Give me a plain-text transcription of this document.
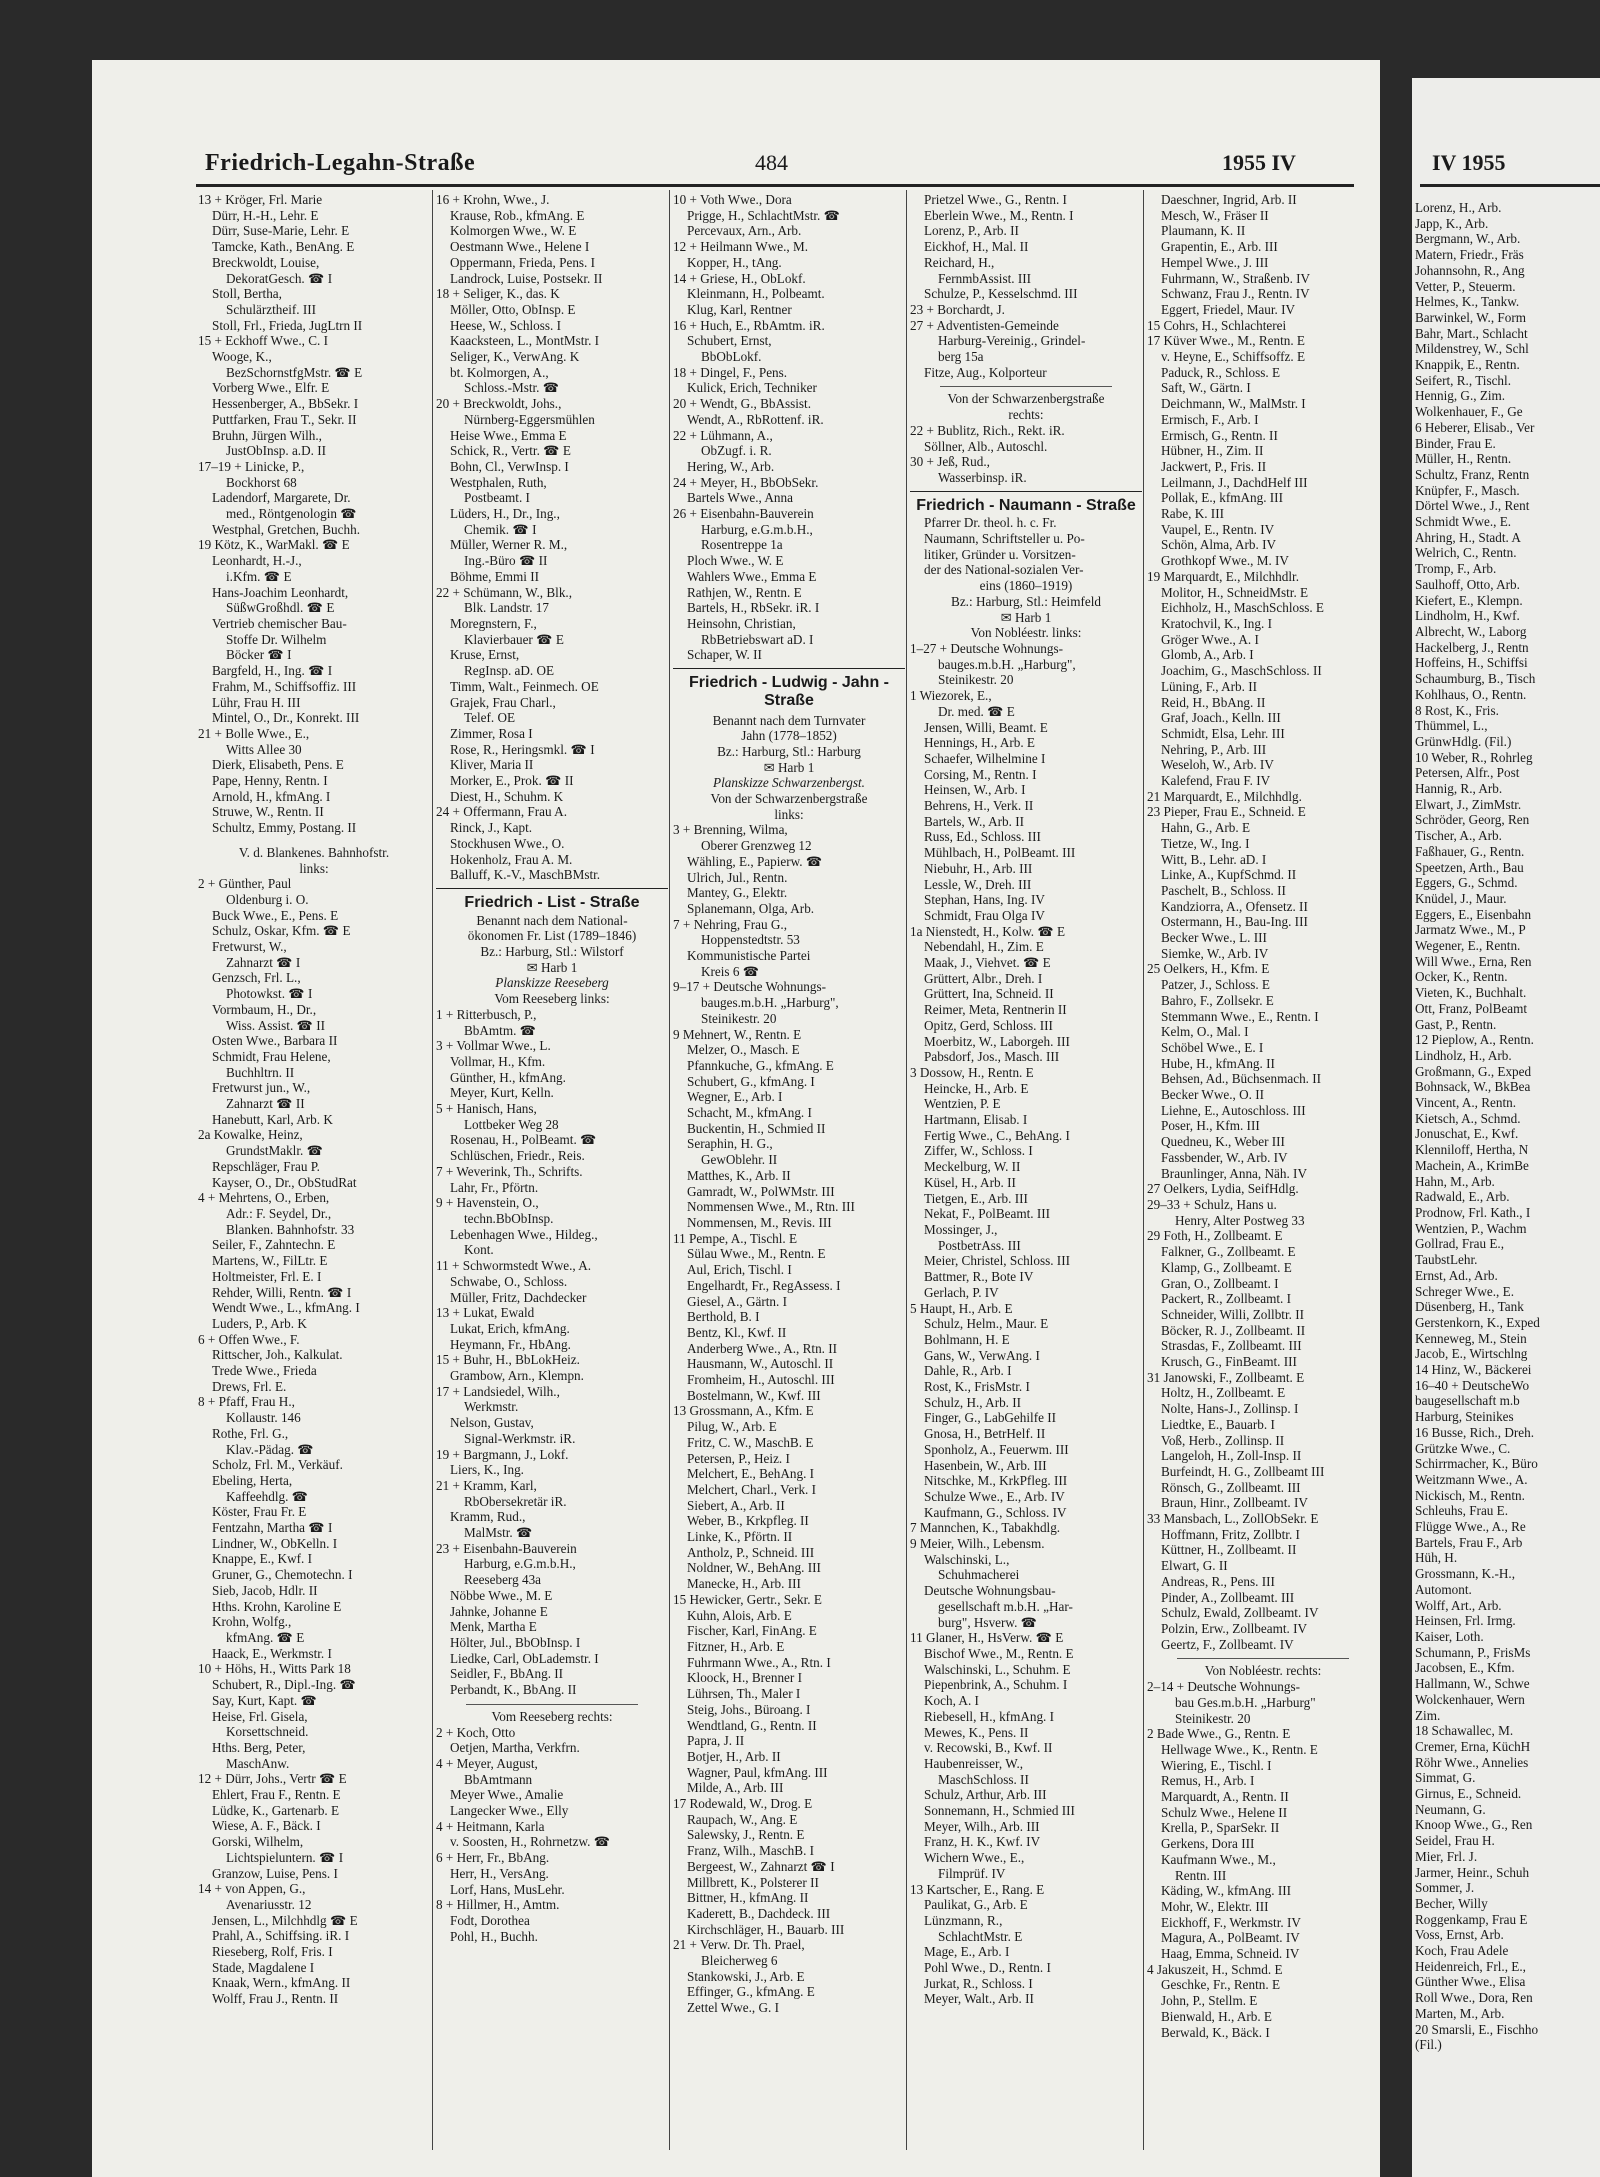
Friedrich-Legahn-Straße	484	1955 IV	IV 1955
13 + Kröger, Frl. Marie
Dürr, H.-H., Lehr. E
Dürr, Suse-Marie, Lehr. E
Tamcke, Kath., BenAng. E
Breckwoldt, Louise,
DekoratGesch. ☎ I
Stoll, Bertha,
Schulärztheif. III
Stoll, Frl., Frieda, JugLtrn II
15 + Eckhoff Wwe., C. I
Wooge, K.,
BezSchornstfgMstr. ☎ E
Vorberg Wwe., Elfr. E
Hessenberger, A., BbSekr. I
Puttfarken, Frau T., Sekr. II
Bruhn, Jürgen Wilh.,
JustObInsp. a.D. II
17–19 + Linicke, P.,
Bockhorst 68
Ladendorf, Margarete, Dr.
med., Röntgenologin ☎
Westphal, Gretchen, Buchh.
19 Kötz, K., WarMakl. ☎ E
Leonhardt, H.-J.,
i.Kfm. ☎ E
Hans-Joachim Leonhardt,
SüßwGroßhdl. ☎ E
Vertrieb chemischer Bau-
Stoffe Dr. Wilhelm
Böcker ☎ I
Bargfeld, H., Ing. ☎ I
Frahm, M., Schiffsoffiz. III
Lühr, Frau H. III
Mintel, O., Dr., Konrekt. III
21 + Bolle Wwe., E.,
Witts Allee 30
Dierk, Elisabeth, Pens. E
Pape, Henny, Rentn. I
Arnold, H., kfmAng. I
Struwe, W., Rentn. II
Schultz, Emmy, Postang. II
V. d. Blankenes. Bahnhofstr.
links:
2 + Günther, Paul
Oldenburg i. O.
Buck Wwe., E., Pens. E
Schulz, Oskar, Kfm. ☎ E
Fretwurst, W.,
Zahnarzt ☎ I
Genzsch, Frl. L.,
Photowkst. ☎ I
Vormbaum, H., Dr.,
Wiss. Assist. ☎ II
Osten Wwe., Barbara II
Schmidt, Frau Helene,
Buchhltrn. II
Fretwurst jun., W.,
Zahnarzt ☎ II
Hanebutt, Karl, Arb. K
2a Kowalke, Heinz,
GrundstMaklr. ☎
Repschläger, Frau P.
Kayser, O., Dr., ObStudRat
4 + Mehrtens, O., Erben,
Adr.: F. Seydel, Dr.,
Blanken. Bahnhofstr. 33
Seiler, F., Zahntechn. E
Martens, W., FilLtr. E
Holtmeister, Frl. E. I
Rehder, Willi, Rentn. ☎ I
Wendt Wwe., L., kfmAng. I
Luders, P., Arb. K
6 + Offen Wwe., F.
Rittscher, Joh., Kalkulat.
Trede Wwe., Frieda
Drews, Frl. E.
8 + Pfaff, Frau H.,
Kollaustr. 146
Rothe, Frl. G.,
Klav.-Pädag. ☎
Scholz, Frl. M., Verkäuf.
Ebeling, Herta,
Kaffeehdlg. ☎
Köster, Frau Fr. E
Fentzahn, Martha ☎ I
Lindner, W., ObKelln. I
Knappe, E., Kwf. I
Gruner, G., Chemotechn. I
Sieb, Jacob, Hdlr. II
Hths. Krohn, Karoline E
Krohn, Wolfg.,
kfmAng. ☎ E
Haack, E., Werkmstr. I
10 + Höhs, H., Witts Park 18
Schubert, R., Dipl.-Ing. ☎
Say, Kurt, Kapt. ☎
Heise, Frl. Gisela,
Korsettschneid.
Hths. Berg, Peter,
MaschAnw.
12 + Dürr, Johs., Vertr ☎ E
Ehlert, Frau F., Rentn. E
Lüdke, K., Gartenarb. E
Wiese, A. F., Bäck. I
Gorski, Wilhelm,
Lichtspieluntern. ☎ I
Granzow, Luise, Pens. I
14 + von Appen, G.,
Avenariusstr. 12
Jensen, L., Milchhdlg ☎ E
Prahl, A., Schiffsing. iR. I
Rieseberg, Rolf, Fris. I
Stade, Magdalene I
Knaak, Wern., kfmAng. II
Wolff, Frau J., Rentn. II
16 + Krohn, Wwe., J.
Krause, Rob., kfmAng. E
Kolmorgen Wwe., W. E
Oestmann Wwe., Helene I
Oppermann, Frieda, Pens. I
Landrock, Luise, Postsekr. II
18 + Seliger, K., das. K
Möller, Otto, ObInsp. E
Heese, W., Schloss. I
Kaacksteen, L., MontMstr. I
Seliger, K., VerwAng. K
bt. Kolmorgen, A.,
Schloss.-Mstr. ☎
20 + Breckwoldt, Johs.,
Nürnberg-Eggersmühlen
Heise Wwe., Emma E
Schick, R., Vertr. ☎ E
Bohn, Cl., VerwInsp. I
Westphalen, Ruth,
Postbeamt. I
Lüders, H., Dr., Ing.,
Chemik. ☎ I
Müller, Werner R. M.,
Ing.-Büro ☎ II
Böhme, Emmi II
22 + Schümann, W., Blk.,
Blk. Landstr. 17
Moregnstern, F.,
Klavierbauer ☎ E
Kruse, Ernst,
RegInsp. aD. OE
Timm, Walt., Feinmech. OE
Grajek, Frau Charl.,
Telef. OE
Zimmer, Rosa I
Rose, R., Heringsmkl. ☎ I
Kliver, Maria II
Morker, E., Prok. ☎ II
Diest, H., Schuhm. K
24 + Offermann, Frau A.
Rinck, J., Kapt.
Stockhusen Wwe., O.
Hokenholz, Frau A. M.
Balluff, K.-V., MaschBMstr.
Friedrich - List - Straße
Benannt nach dem National-
ökonomen Fr. List (1789–1846)
Bz.: Harburg, Stl.: Wilstorf
✉ Harb 1
Planskizze Reeseberg
Vom Reeseberg links:
1 + Ritterbusch, P.,
BbAmtm. ☎
3 + Vollmar Wwe., L.
Vollmar, H., Kfm.
Günther, H., kfmAng.
Meyer, Kurt, Kelln.
5 + Hanisch, Hans,
Lottbeker Weg 28
Rosenau, H., PolBeamt. ☎
Schlüschen, Friedr., Reis.
7 + Weverink, Th., Schrifts.
Lahr, Fr., Pförtn.
9 + Havenstein, O.,
techn.BbObInsp.
Lebenhagen Wwe., Hildeg.,
Kont.
11 + Schwormstedt Wwe., A.
Schwabe, O., Schloss.
Müller, Fritz, Dachdecker
13 + Lukat, Ewald
Lukat, Erich, kfmAng.
Heymann, Fr., HbAng.
15 + Buhr, H., BbLokHeiz.
Grambow, Arn., Klempn.
17 + Landsiedel, Wilh.,
Werkmstr.
Nelson, Gustav,
Signal-Werkmstr. iR.
19 + Bargmann, J., Lokf.
Liers, K., Ing.
21 + Kramm, Karl,
RbObersekretär iR.
Kramm, Rud.,
MalMstr. ☎
23 + Eisenbahn-Bauverein
Harburg, e.G.m.b.H.,
Reeseberg 43a
Nöbbe Wwe., M. E
Jahnke, Johanne E
Menk, Martha E
Hölter, Jul., BbObInsp. I
Liedke, Carl, ObLademstr. I
Seidler, F., BbAng. II
Perbandt, K., BbAng. II
Vom Reeseberg rechts:
2 + Koch, Otto
Oetjen, Martha, Verkfrn.
4 + Meyer, August,
BbAmtmann
Meyer Wwe., Amalie
Langecker Wwe., Elly
4 + Heitmann, Karla
v. Soosten, H., Rohrnetzw. ☎
6 + Herr, Fr., BbAng.
Herr, H., VersAng.
Lorf, Hans, MusLehr.
8 + Hillmer, H., Amtm.
Fodt, Dorothea
Pohl, H., Buchh.
10 + Voth Wwe., Dora
Prigge, H., SchlachtMstr. ☎
Percevaux, Arn., Arb.
12 + Heilmann Wwe., M.
Kopper, H., tAng.
14 + Griese, H., ObLokf.
Kleinmann, H., Polbeamt.
Klug, Karl, Rentner
16 + Huch, E., RbAmtm. iR.
Schubert, Ernst,
BbObLokf.
18 + Dingel, F., Pens.
Kulick, Erich, Techniker
20 + Wendt, G., BbAssist.
Wendt, A., RbRottenf. iR.
22 + Lühmann, A.,
ObZugf. i. R.
Hering, W., Arb.
24 + Meyer, H., BbObSekr.
Bartels Wwe., Anna
26 + Eisenbahn-Bauverein
Harburg, e.G.m.b.H.,
Rosentreppe 1a
Ploch Wwe., W. E
Wahlers Wwe., Emma E
Rathjen, W., Rentn. E
Bartels, H., RbSekr. iR. I
Heinsohn, Christian,
RbBetriebswart aD. I
Schaper, W. II
Friedrich - Ludwig - Jahn -
Straße
Benannt nach dem Turnvater
Jahn (1778–1852)
Bz.: Harburg, Stl.: Harburg
✉ Harb 1
Planskizze Schwarzenbergst.
Von der Schwarzenbergstraße
links:
3 + Brenning, Wilma,
Oberer Grenzweg 12
Wähling, E., Papierw. ☎
Ulrich, Jul., Rentn.
Mantey, G., Elektr.
Splanemann, Olga, Arb.
7 + Nehring, Frau G.,
Hoppenstedtstr. 53
Kommunistische Partei
Kreis 6 ☎
9–17 + Deutsche Wohnungs-
bauges.m.b.H. „Harburg",
Steinikestr. 20
9 Mehnert, W., Rentn. E
Melzer, O., Masch. E
Pfannkuche, G., kfmAng. E
Schubert, G., kfmAng. I
Wegner, E., Arb. I
Schacht, M., kfmAng. I
Buckentin, H., Schmied II
Seraphin, H. G.,
GewOblehr. II
Matthes, K., Arb. II
Gamradt, W., PolWMstr. III
Nommensen Wwe., M., Rtn. III
Nommensen, M., Revis. III
11 Pempe, A., Tischl. E
Sülau Wwe., M., Rentn. E
Aul, Erich, Tischl. I
Engelhardt, Fr., RegAssess. I
Giesel, A., Gärtn. I
Berthold, B. I
Bentz, Kl., Kwf. II
Anderberg Wwe., A., Rtn. II
Hausmann, W., Autoschl. II
Fromheim, H., Autoschl. III
Bostelmann, W., Kwf. III
13 Grossmann, A., Kfm. E
Pilug, W., Arb. E
Fritz, C. W., MaschB. E
Petersen, P., Heiz. I
Melchert, E., BehAng. I
Melchert, Charl., Verk. I
Siebert, A., Arb. II
Weber, B., Krkpfleg. II
Linke, K., Pförtn. II
Antholz, P., Schneid. III
Noldner, W., BehAng. III
Manecke, H., Arb. III
15 Hewicker, Gertr., Sekr. E
Kuhn, Alois, Arb. E
Fischer, Karl, FinAng. E
Fitzner, H., Arb. E
Fuhrmann Wwe., A., Rtn. I
Kloock, H., Brenner I
Lührsen, Th., Maler I
Steig, Johs., Büroang. I
Wendtland, G., Rentn. II
Papra, J. II
Botjer, H., Arb. II
Wagner, Paul, kfmAng. III
Milde, A., Arb. III
17 Rodewald, W., Drog. E
Raupach, W., Ang. E
Salewsky, J., Rentn. E
Franz, Wilh., MaschB. I
Bergeest, W., Zahnarzt ☎ I
Millbrett, K., Polsterer II
Bittner, H., kfmAng. II
Kaderett, B., Dachdeck. III
Kirchschläger, H., Bauarb. III
21 + Verw. Dr. Th. Prael,
Bleicherweg 6
Stankowski, J., Arb. E
Effinger, G., kfmAng. E
Zettel Wwe., G. I
Prietzel Wwe., G., Rentn. I
Eberlein Wwe., M., Rentn. I
Lorenz, P., Arb. II
Eickhof, H., Mal. II
Reichard, H.,
FernmbAssist. III
Schulze, P., Kesselschmd. III
23 + Borchardt, J.
27 + Adventisten-Gemeinde
Harburg-Vereinig., Grindel-
berg 15a
Fitze, Aug., Kolporteur
Von der Schwarzenbergstraße
rechts:
22 + Bublitz, Rich., Rekt. iR.
Söllner, Alb., Autoschl.
30 + Jeß, Rud.,
Wasserbinsp. iR.
Friedrich - Naumann - Straße
Pfarrer Dr. theol. h. c. Fr.
Naumann, Schriftsteller u. Po-
litiker, Gründer u. Vorsitzen-
der des National-sozialen Ver-
eins (1860–1919)
Bz.: Harburg, Stl.: Heimfeld
✉ Harb 1
Von Nobléestr. links:
1–27 + Deutsche Wohnungs-
bauges.m.b.H. „Harburg",
Steinikestr. 20
1 Wiezorek, E.,
Dr. med. ☎ E
Jensen, Willi, Beamt. E
Hennings, H., Arb. E
Schaefer, Wilhelmine I
Corsing, M., Rentn. I
Heinsen, W., Arb. I
Behrens, H., Verk. II
Bartels, W., Arb. II
Russ, Ed., Schloss. III
Mühlbach, H., PolBeamt. III
Niebuhr, H., Arb. III
Lessle, W., Dreh. III
Stephan, Hans, Ing. IV
Schmidt, Frau Olga IV
1a Nienstedt, H., Kolw. ☎ E
Nebendahl, H., Zim. E
Maak, J., Viehvet. ☎ E
Grüttert, Albr., Dreh. I
Grüttert, Ina, Schneid. II
Reimer, Meta, Rentnerin II
Opitz, Gerd, Schloss. III
Moerbitz, W., Laborgeh. III
Pabsdorf, Jos., Masch. III
3 Dossow, H., Rentn. E
Heincke, H., Arb. E
Wentzien, P. E
Hartmann, Elisab. I
Fertig Wwe., C., BehAng. I
Ziffer, W., Schloss. I
Meckelburg, W. II
Küsel, H., Arb. II
Tietgen, E., Arb. III
Nekat, F., PolBeamt. III
Mossinger, J.,
PostbetrAss. III
Meier, Christel, Schloss. III
Battmer, R., Bote IV
Gerlach, P. IV
5 Haupt, H., Arb. E
Schulz, Helm., Maur. E
Bohlmann, H. E
Gans, W., VerwAng. I
Dahle, R., Arb. I
Rost, K., FrisMstr. I
Schulz, H., Arb. II
Finger, G., LabGehilfe II
Gnosa, H., BetrHelf. II
Sponholz, A., Feuerwm. III
Hasenbein, W., Arb. III
Nitschke, M., KrkPfleg. III
Schulze Wwe., E., Arb. IV
Kaufmann, G., Schloss. IV
7 Mannchen, K., Tabakhdlg.
9 Meier, Wilh., Lebensm.
Walschinski, L.,
Schuhmacherei
Deutsche Wohnungsbau-
gesellschaft m.b.H. „Har-
burg", Hsverw. ☎
11 Glaner, H., HsVerw. ☎ E
Bischof Wwe., M., Rentn. E
Walschinski, L., Schuhm. E
Piepenbrink, A., Schuhm. I
Koch, A. I
Riebesell, H., kfmAng. I
Mewes, K., Pens. II
v. Recowski, B., Kwf. II
Haubenreisser, W.,
MaschSchloss. II
Schulz, Arthur, Arb. III
Sonnemann, H., Schmied III
Meyer, Wilh., Arb. III
Franz, H. K., Kwf. IV
Wichern Wwe., E.,
Filmprüf. IV
13 Kartscher, E., Rang. E
Paulikat, G., Arb. E
Lünzmann, R.,
SchlachtMstr. E
Mage, E., Arb. I
Pohl Wwe., D., Rentn. I
Jurkat, R., Schloss. I
Meyer, Walt., Arb. II
Daeschner, Ingrid, Arb. II
Mesch, W., Fräser II
Plaumann, K. II
Grapentin, E., Arb. III
Hempel Wwe., J. III
Fuhrmann, W., Straßenb. IV
Schwanz, Frau J., Rentn. IV
Eggert, Friedel, Maur. IV
15 Cohrs, H., Schlachterei
17 Küver Wwe., M., Rentn. E
v. Heyne, E., Schiffsoffz. E
Paduck, R., Schloss. E
Saft, W., Gärtn. I
Deichmann, W., MalMstr. I
Ermisch, F., Arb. I
Ermisch, G., Rentn. II
Hübner, H., Zim. II
Jackwert, P., Fris. II
Leilmann, J., DachdHelf III
Pollak, E., kfmAng. III
Rabe, K. III
Vaupel, E., Rentn. IV
Schön, Alma, Arb. IV
Grothkopf Wwe., M. IV
19 Marquardt, E., Milchhdlr.
Molitor, H., SchneidMstr. E
Eichholz, H., MaschSchloss. E
Kratochvil, K., Ing. I
Gröger Wwe., A. I
Glomb, A., Arb. I
Joachim, G., MaschSchloss. II
Lüning, F., Arb. II
Reid, H., BbAng. II
Graf, Joach., Kelln. III
Schmidt, Elsa, Lehr. III
Nehring, P., Arb. III
Weseloh, W., Arb. IV
Kalefend, Frau F. IV
21 Marquardt, E., Milchhdlg.
23 Pieper, Frau E., Schneid. E
Hahn, G., Arb. E
Tietze, W., Ing. I
Witt, B., Lehr. aD. I
Linke, A., KupfSchmd. II
Paschelt, B., Schloss. II
Kandziorra, A., Ofensetz. II
Ostermann, H., Bau-Ing. III
Becker Wwe., L. III
Siemke, W., Arb. IV
25 Oelkers, H., Kfm. E
Patzer, J., Schloss. E
Bahro, F., Zollsekr. E
Stemmann Wwe., E., Rentn. I
Kelm, O., Mal. I
Schöbel Wwe., E. I
Hube, H., kfmAng. II
Behsen, Ad., Büchsenmach. II
Becker Wwe., O. II
Liehne, E., Autoschloss. III
Poser, H., Kfm. III
Quedneu, K., Weber III
Fassbender, W., Arb. IV
Braunlinger, Anna, Näh. IV
27 Oelkers, Lydia, SeifHdlg.
29–33 + Schulz, Hans u.
Henry, Alter Postweg 33
29 Foth, H., Zollbeamt. E
Falkner, G., Zollbeamt. E
Klamp, G., Zollbeamt. E
Gran, O., Zollbeamt. I
Packert, R., Zollbeamt. I
Schneider, Willi, Zollbtr. II
Böcker, R. J., Zollbeamt. II
Strasdas, F., Zollbeamt. III
Krusch, G., FinBeamt. III
31 Janowski, F., Zollbeamt. E
Holtz, H., Zollbeamt. E
Nolte, Hans-J., Zollinsp. I
Liedtke, E., Bauarb. I
Voß, Herb., Zollinsp. II
Langeloh, H., Zoll-Insp. II
Burfeindt, H. G., Zollbeamt III
Rönsch, G., Zollbeamt. III
Braun, Hinr., Zollbeamt. IV
33 Mansbach, L., ZollObSekr. E
Hoffmann, Fritz, Zollbtr. I
Küttner, H., Zollbeamt. II
Elwart, G. II
Andreas, R., Pens. III
Pinder, A., Zollbeamt. III
Schulz, Ewald, Zollbeamt. IV
Polzin, Erw., Zollbeamt. IV
Geertz, F., Zollbeamt. IV
Von Nobléestr. rechts:
2–14 + Deutsche Wohnungs-
bau Ges.m.b.H. „Harburg"
Steinikestr. 20
2 Bade Wwe., G., Rentn. E
Hellwage Wwe., K., Rentn. E
Wiering, E., Tischl. I
Remus, H., Arb. I
Marquardt, A., Rentn. II
Schulz Wwe., Helene II
Krella, P., SparSekr. II
Gerkens, Dora III
Kaufmann Wwe., M.,
Rentn. III
Käding, W., kfmAng. III
Mohr, W., Elektr. III
Eickhoff, F., Werkmstr. IV
Magura, A., PolBeamt. IV
Haag, Emma, Schneid. IV
4 Jakuszeit, H., Schmd. E
Geschke, Fr., Rentn. E
John, P., Stellm. E
Bienwald, H., Arb. E
Berwald, K., Bäck. I
Lorenz, H., Arb.
Japp, K., Arb.
Bergmann, W., Arb.
Matern, Friedr., Fräs
Johannsohn, R., Ang
Vetter, P., Steuerm.
Helmes, K., Tankw.
Barwinkel, W., Form
Bahr, Mart., Schlacht
Mildenstrey, W., Schl
Knappik, E., Rentn.
Seifert, R., Tischl.
Hennig, G., Zim.
Wolkenhauer, F., Ge
6 Heberer, Elisab., Ver
Binder, Frau E.
Müller, H., Rentn.
Schultz, Franz, Rentn
Knüpfer, F., Masch.
Dörtel Wwe., J., Rent
Schmidt Wwe., E.
Ahring, H., Stadt. A
Welrich, C., Rentn.
Tromp, F., Arb.
Saulhoff, Otto, Arb.
Kiefert, E., Klempn.
Lindholm, H., Kwf.
Albrecht, W., Laborg
Hackelberg, J., Rentn
Hoffeins, H., Schiffsi
Schaumburg, B., Tisch
Kohlhaus, O., Rentn.
8 Rost, K., Fris.
Thümmel, L.,
GrünwHdlg. (Fil.)
10 Weber, R., Rohrleg
Petersen, Alfr., Post
Hannig, R., Arb.
Elwart, J., ZimMstr.
Schröder, Georg, Ren
Tischer, A., Arb.
Faßhauer, G., Rentn.
Speetzen, Arth., Bau
Eggers, G., Schmd.
Knüdel, J., Maur.
Eggers, E., Eisenbahn
Jarmatz Wwe., M., P
Wegener, E., Rentn.
Will Wwe., Erna, Ren
Ocker, K., Rentn.
Vieten, K., Buchhalt.
Ott, Franz, PolBeamt
Gast, P., Rentn.
12 Pieplow, A., Rentn.
Lindholz, H., Arb.
Großmann, G., Exped
Bohnsack, W., BkBea
Vincent, A., Rentn.
Kietsch, A., Schmd.
Jonuschat, E., Kwf.
Klenniloff, Hertha, N
Machein, A., KrimBe
Hahn, M., Arb.
Radwald, E., Arb.
Prodnow, Frl. Kath., I
Wentzien, P., Wachm
Gollrad, Frau E.,
TaubstLehr.
Ernst, Ad., Arb.
Schreger Wwe., E.
Düsenberg, H., Tank
Gerstenkorn, K., Exped
Kenneweg, M., Stein
Jacob, E., Wirtschlng
14 Hinz, W., Bäckerei
16–40 + DeutscheWo
baugesellschaft m.b
Harburg, Steinikes
16 Busse, Rich., Dreh.
Grützke Wwe., C.
Schirrmacher, K., Büro
Weitzmann Wwe., A.
Nickisch, M., Rentn.
Schleuhs, Frau E.
Flügge Wwe., A., Re
Bartels, Frau F., Arb
Hüh, H.
Grossmann, K.-H.,
Automont.
Wolff, Art., Arb.
Heinsen, Frl. Irmg.
Kaiser, Loth.
Schumann, P., FrisMs
Jacobsen, E., Kfm.
Hallmann, W., Schwe
Wolckenhauer, Wern
Zim.
18 Schawallec, M.
Cremer, Erna, KüchH
Röhr Wwe., Annelies
Simmat, G.
Girnus, E., Schneid.
Neumann, G.
Knoop Wwe., G., Ren
Seidel, Frau H.
Mier, Frl. J.
Jarmer, Heinr., Schuh
Sommer, J.
Becher, Willy
Roggenkamp, Frau E
Voss, Ernst, Arb.
Koch, Frau Adele
Heidenreich, Frl., E.,
Günther Wwe., Elisa
Roll Wwe., Dora, Ren
Marten, M., Arb.
20 Smarsli, E., Fischho
(Fil.)
